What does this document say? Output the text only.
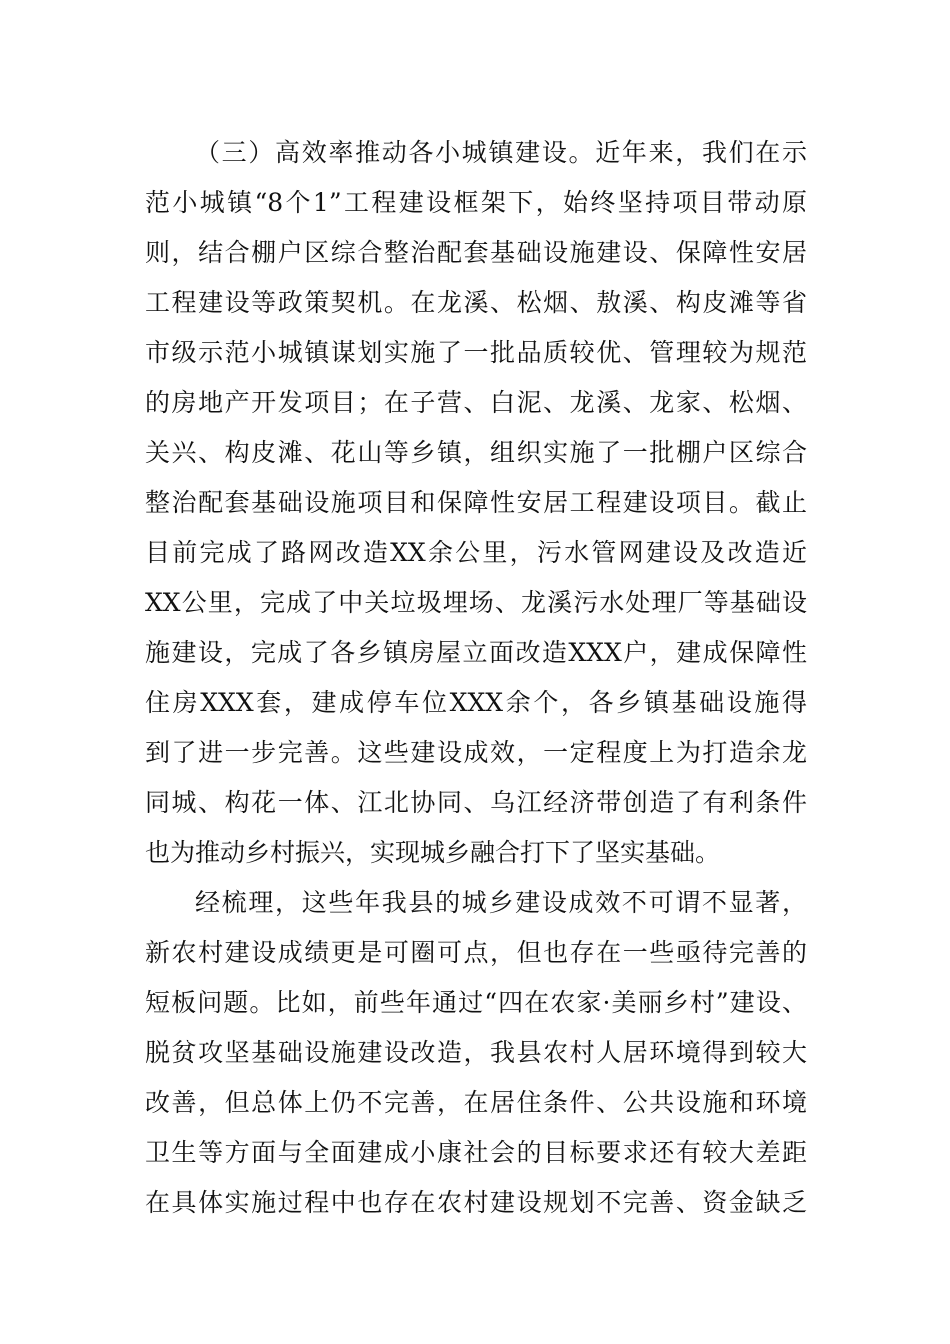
（三）高效率推动各小城镇建设。近年来，我们在示
范小城镇“8个1”工程建设框架下，始终坚持项目带动原
则，结合棚户区综合整治配套基础设施建设、保障性安居
工程建设等政策契机。在龙溪、松烟、敖溪、构皮滩等省
市级示范小城镇谋划实施了一批品质较优、管理较为规范
的房地产开发项目；在子营、白泥、龙溪、龙家、松烟、
关兴、构皮滩、花山等乡镇，组织实施了一批棚户区综合
整治配套基础设施项目和保障性安居工程建设项目。截止
目前完成了路网改造XX余公里，污水管网建设及改造近
XX公里，完成了中关垃圾埋场、龙溪污水处理厂等基础设
施建设，完成了各乡镇房屋立面改造XXX户，建成保障性
住房XXX套，建成停车位XXX余个，各乡镇基础设施得
到了进一步完善。这些建设成效，一定程度上为打造余龙
同城、构花一体、江北协同、乌江经济带创造了有利条件
也为推动乡村振兴，实现城乡融合打下了坚实基础。
经梳理，这些年我县的城乡建设成效不可谓不显著，
新农村建设成绩更是可圈可点，但也存在一些亟待完善的
短板问题。比如，前些年通过“四在农家·美丽乡村”建设、
脱贫攻坚基础设施建设改造，我县农村人居环境得到较大
改善，但总体上仍不完善，在居住条件、公共设施和环境
卫生等方面与全面建成小康社会的目标要求还有较大差距
在具体实施过程中也存在农村建设规划不完善、资金缺乏
